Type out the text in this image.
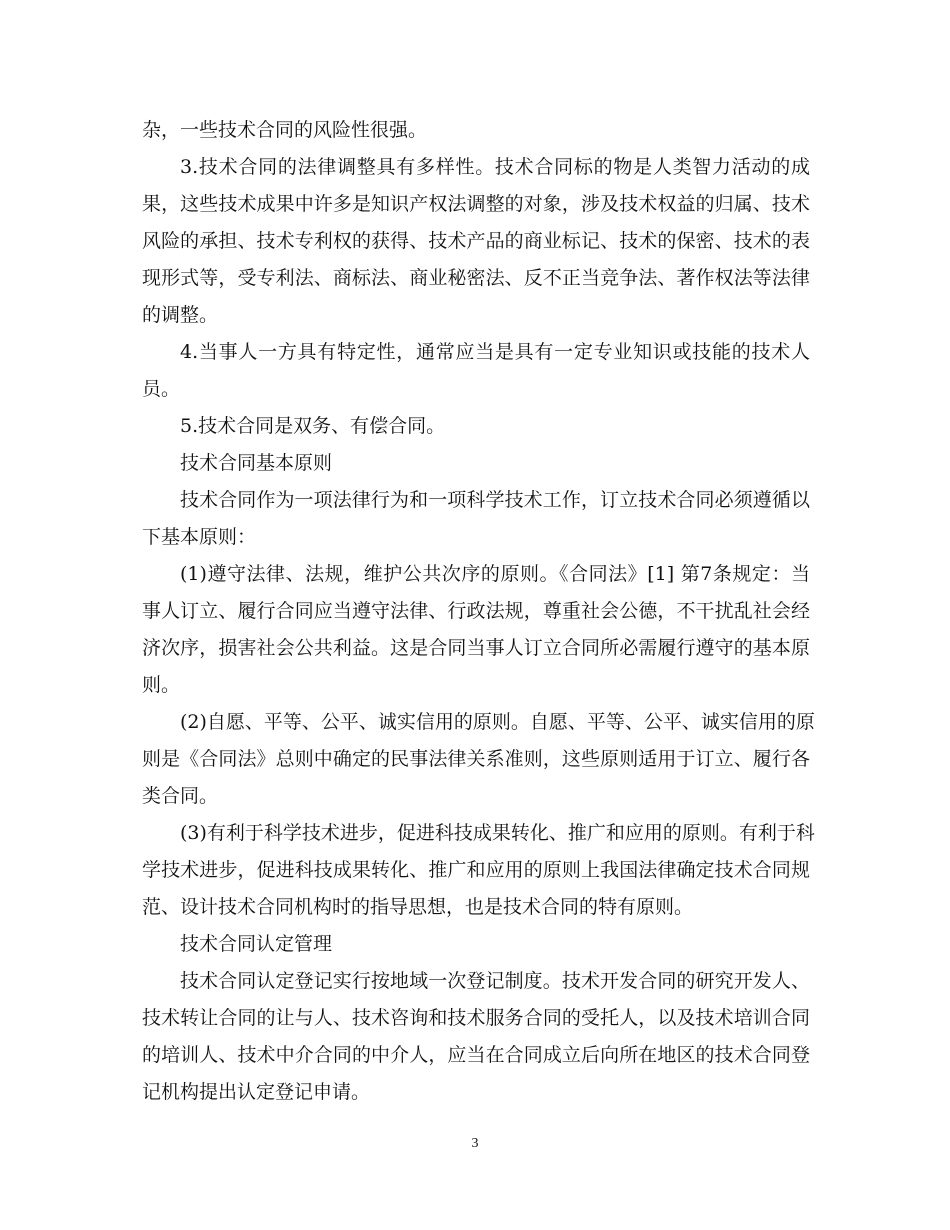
杂，一些技术合同的风险性很强。
3.技术合同的法律调整具有多样性。技术合同标的物是人类智力活动的成
果，这些技术成果中许多是知识产权法调整的对象，涉及技术权益的归属、技术
风险的承担、技术专利权的获得、技术产品的商业标记、技术的保密、技术的表
现形式等，受专利法、商标法、商业秘密法、反不正当竞争法、著作权法等法律
的调整。
4.当事人一方具有特定性，通常应当是具有一定专业知识或技能的技术人
员。
5.技术合同是双务、有偿合同。
技术合同基本原则
技术合同作为一项法律行为和一项科学技术工作，订立技术合同必须遵循以
下基本原则：
(1)遵守法律、法规，维护公共次序的原则。《合同法》[1] 第7条规定：当
事人订立、履行合同应当遵守法律、行政法规，尊重社会公德，不干扰乱社会经
济次序，损害社会公共利益。这是合同当事人订立合同所必需履行遵守的基本原
则。
(2)自愿、平等、公平、诚实信用的原则。自愿、平等、公平、诚实信用的原
则是《合同法》总则中确定的民事法律关系准则，这些原则适用于订立、履行各
类合同。
(3)有利于科学技术进步，促进科技成果转化、推广和应用的原则。有利于科
学技术进步，促进科技成果转化、推广和应用的原则上我国法律确定技术合同规
范、设计技术合同机构时的指导思想，也是技术合同的特有原则。
技术合同认定管理
技术合同认定登记实行按地域一次登记制度。技术开发合同的研究开发人、
技术转让合同的让与人、技术咨询和技术服务合同的受托人，以及技术培训合同
的培训人、技术中介合同的中介人，应当在合同成立后向所在地区的技术合同登
记机构提出认定登记申请。
3
